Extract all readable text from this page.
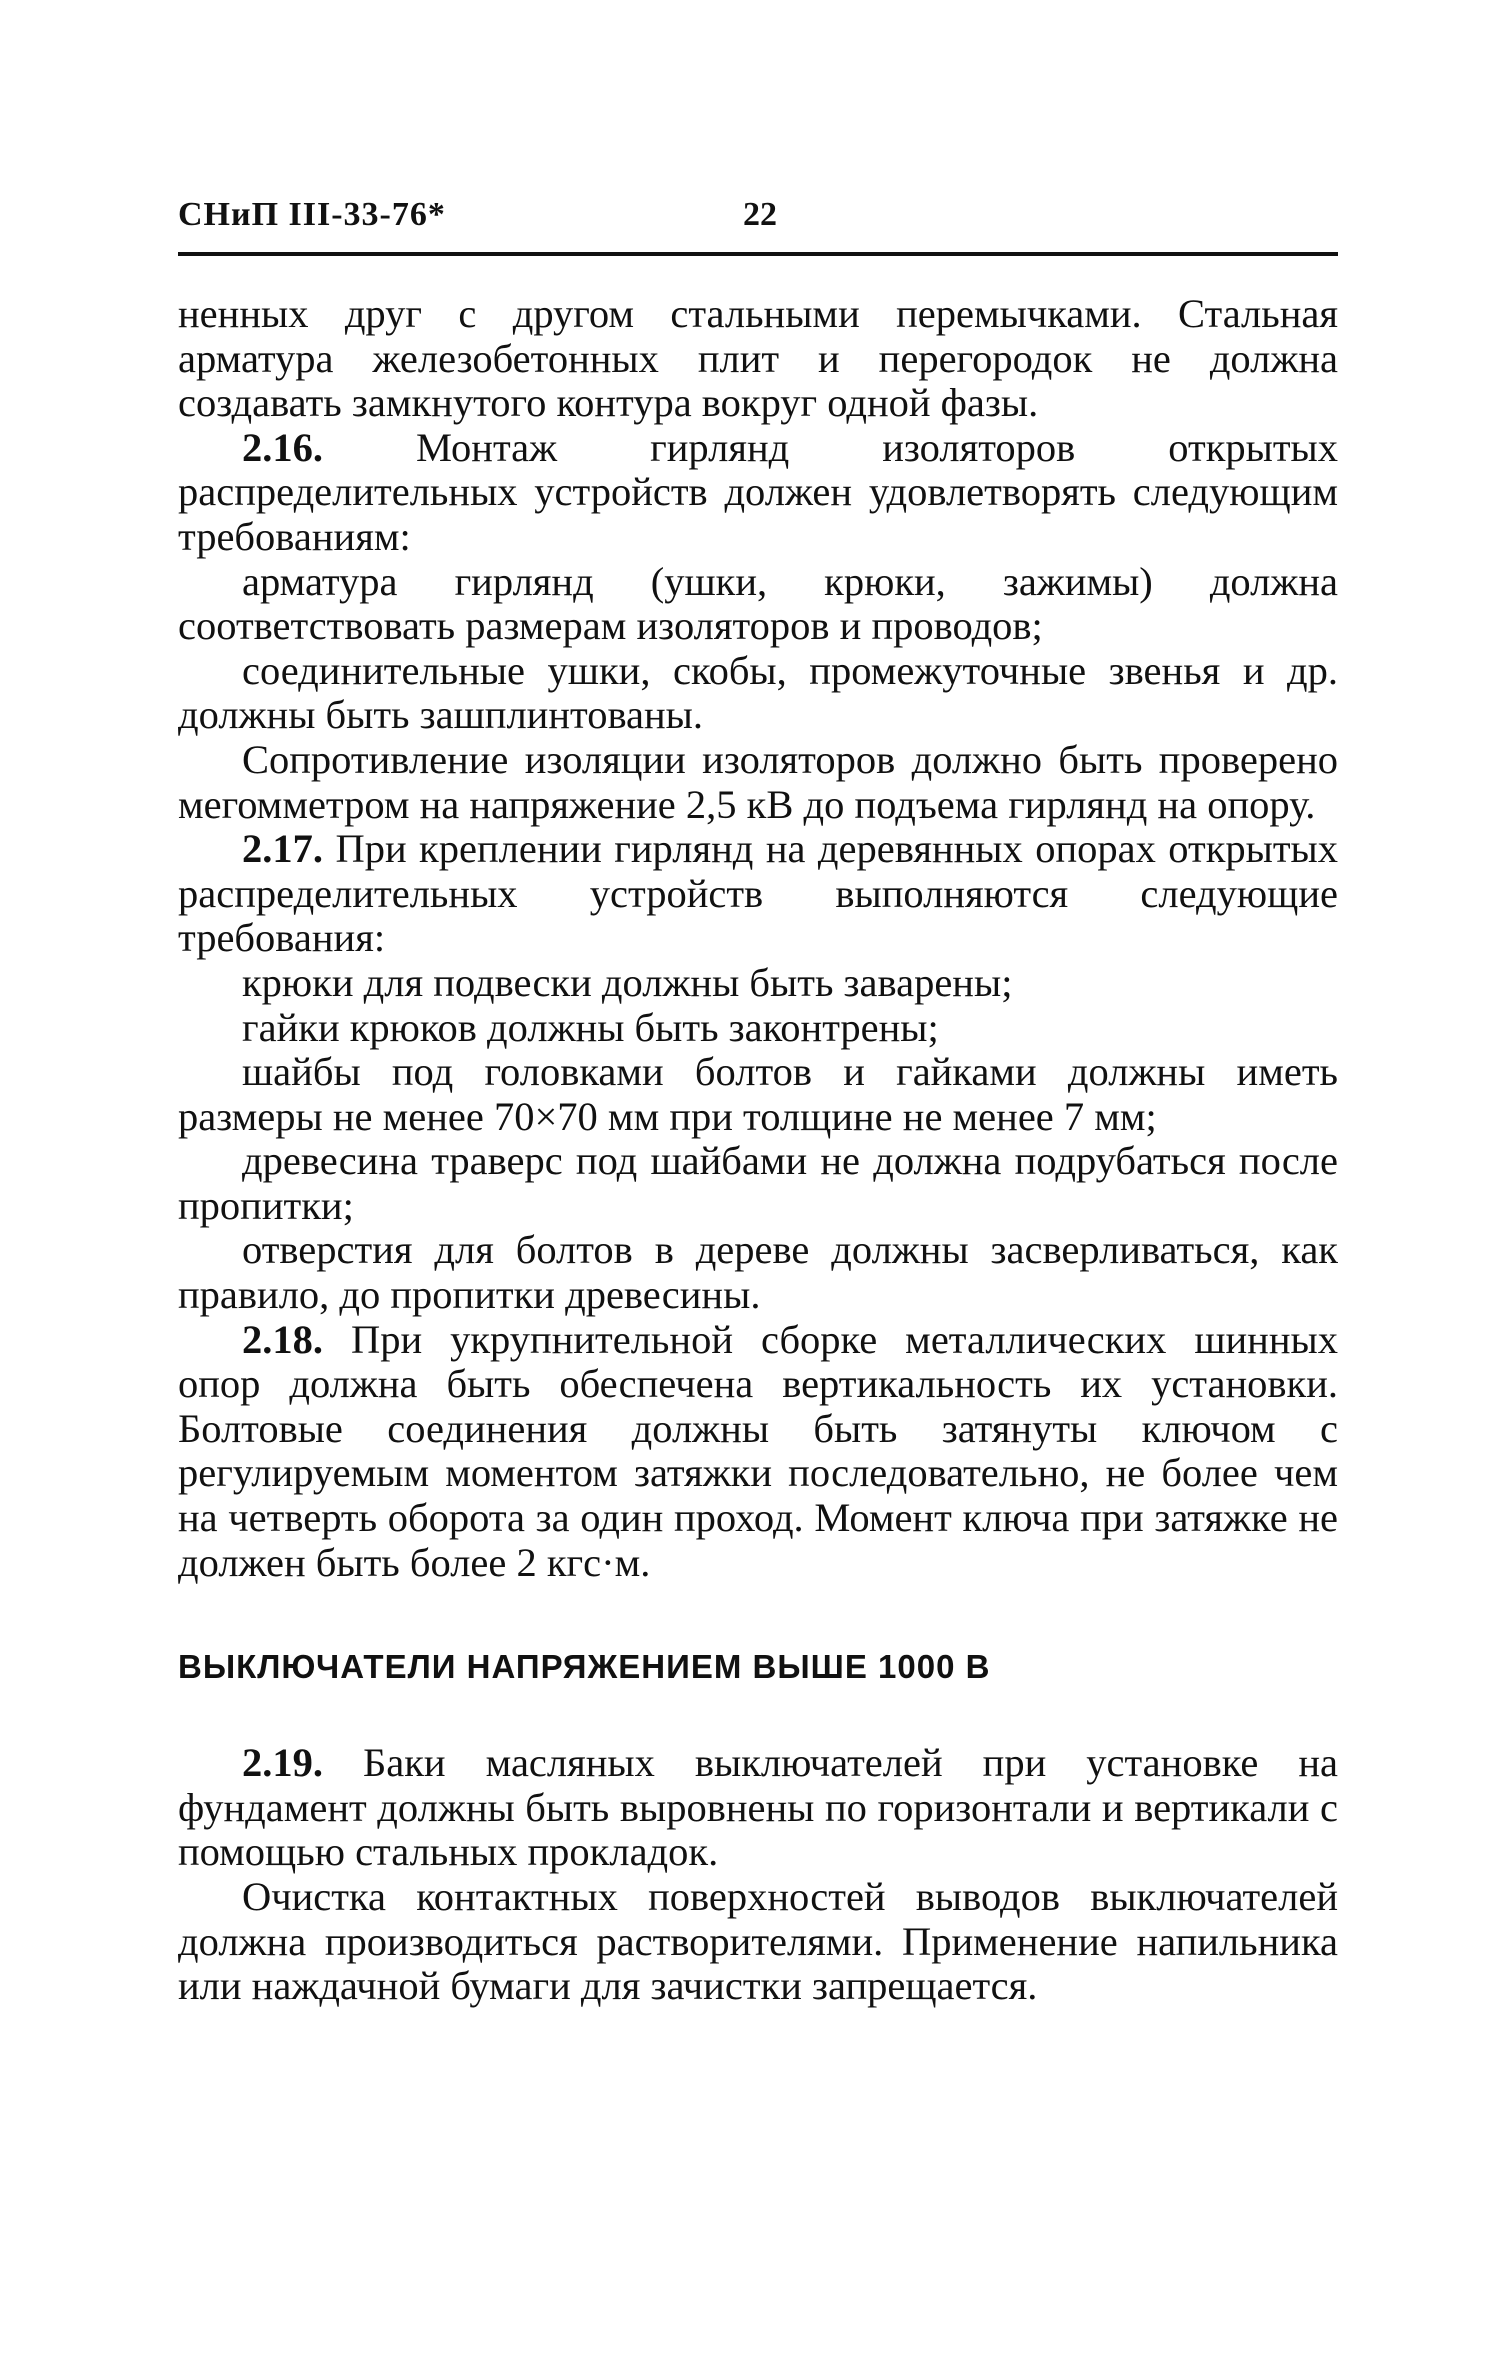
СНиП III-33-76*	22

ненных друг с другом стальными перемычками. Стальная арматура железобетонных плит и перегородок не должна создавать замкнутого контура вокруг одной фазы.

2.16. Монтаж гирлянд изоляторов открытых распределительных устройств должен удовлетворять следующим требованиям:

арматура гирлянд (ушки, крюки, зажимы) должна соответствовать размерам изоляторов и проводов;

соединительные ушки, скобы, промежуточные звенья и др. должны быть зашплинтованы.

Сопротивление изоляции изоляторов должно быть проверено мегомметром на напряжение 2,5 кВ до подъема гирлянд на опору.

2.17. При креплении гирлянд на деревянных опорах открытых распределительных устройств выполняются следующие требования:

крюки для подвески должны быть заварены;

гайки крюков должны быть законтрены;

шайбы под головками болтов и гайками должны иметь размеры не менее 70×70 мм при толщине не менее 7 мм;

древесина траверс под шайбами не должна подрубаться после пропитки;

отверстия для болтов в дереве должны засверливаться, как правило, до пропитки древесины.

2.18. При укрупнительной сборке металлических шинных опор должна быть обеспечена вертикальность их установки. Болтовые соединения должны быть затянуты ключом с регулируемым моментом затяжки последовательно, не более чем на четверть оборота за один проход. Момент ключа при затяжке не должен быть более 2 кгс·м.

ВЫКЛЮЧАТЕЛИ НАПРЯЖЕНИЕМ ВЫШЕ 1000 В

2.19. Баки масляных выключателей при установке на фундамент должны быть выровнены по горизонтали и вертикали с помощью стальных прокладок.

Очистка контактных поверхностей выводов выключателей должна производиться растворителями. Применение напильника или наждачной бумаги для зачистки запрещается.
